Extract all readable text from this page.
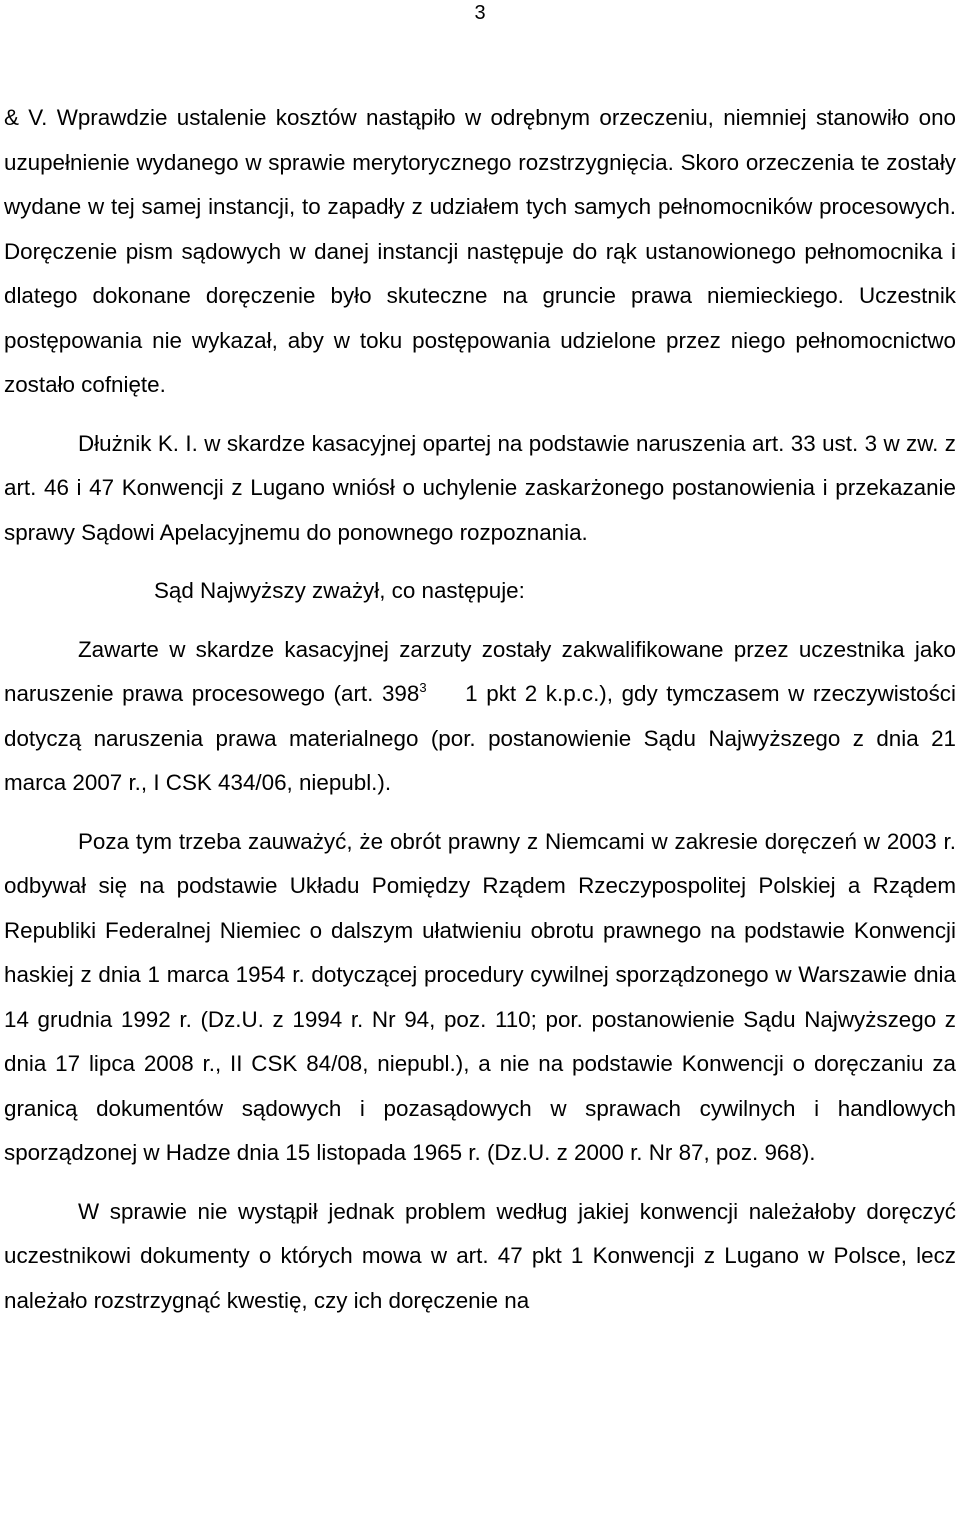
3

& V. Wprawdzie ustalenie kosztów nastąpiło w odrębnym orzeczeniu, niemniej stanowiło ono uzupełnienie wydanego w sprawie merytorycznego rozstrzygnięcia. Skoro orzeczenia te zostały wydane w tej samej instancji, to zapadły z udziałem tych samych pełnomocników procesowych. Doręczenie pism sądowych w danej instancji następuje do rąk ustanowionego pełnomocnika i dlatego dokonane doręczenie było skuteczne na gruncie prawa niemieckiego. Uczestnik postępowania nie wykazał, aby w toku postępowania udzielone przez niego pełnomocnictwo zostało cofnięte.

Dłużnik K. I. w skardze kasacyjnej opartej na podstawie naruszenia art. 33 ust. 3 w zw. z art. 46 i 47 Konwencji z Lugano wniósł o uchylenie zaskarżonego postanowienia i przekazanie sprawy Sądowi Apelacyjnemu do ponownego rozpoznania.

Sąd Najwyższy zważył, co następuje:

Zawarte w skardze kasacyjnej zarzuty zostały zakwalifikowane przez uczestnika jako naruszenie prawa procesowego (art. $398^3$ 1 pkt 2 k.p.c.), gdy tymczasem w rzeczywistości dotyczą naruszenia prawa materialnego (por. postanowienie Sądu Najwyższego z dnia 21 marca 2007 r., I CSK 434/06, niepubl.).

Poza tym trzeba zauważyć, że obrót prawny z Niemcami w zakresie doręczeń w 2003 r. odbywał się na podstawie Układu Pomiędzy Rządem Rzeczypospolitej Polskiej a Rządem Republiki Federalnej Niemiec o dalszym ułatwieniu obrotu prawnego na podstawie Konwencji haskiej z dnia 1 marca 1954 r. dotyczącej procedury cywilnej sporządzonego w Warszawie dnia 14 grudnia 1992 r. (Dz.U. z 1994 r. Nr 94, poz. 110; por. postanowienie Sądu Najwyższego z dnia 17 lipca 2008 r., II CSK 84/08, niepubl.), a nie na podstawie Konwencji o doręczaniu za granicą dokumentów sądowych i pozasądowych w sprawach cywilnych i handlowych sporządzonej w Hadze dnia 15 listopada 1965 r. (Dz.U. z 2000 r. Nr 87, poz. 968).

W sprawie nie wystąpił jednak problem według jakiej konwencji należałoby doręczyć uczestnikowi dokumenty o których mowa w art. 47 pkt 1 Konwencji z Lugano w Polsce, lecz należało rozstrzygnąć kwestię, czy ich doręczenie na
